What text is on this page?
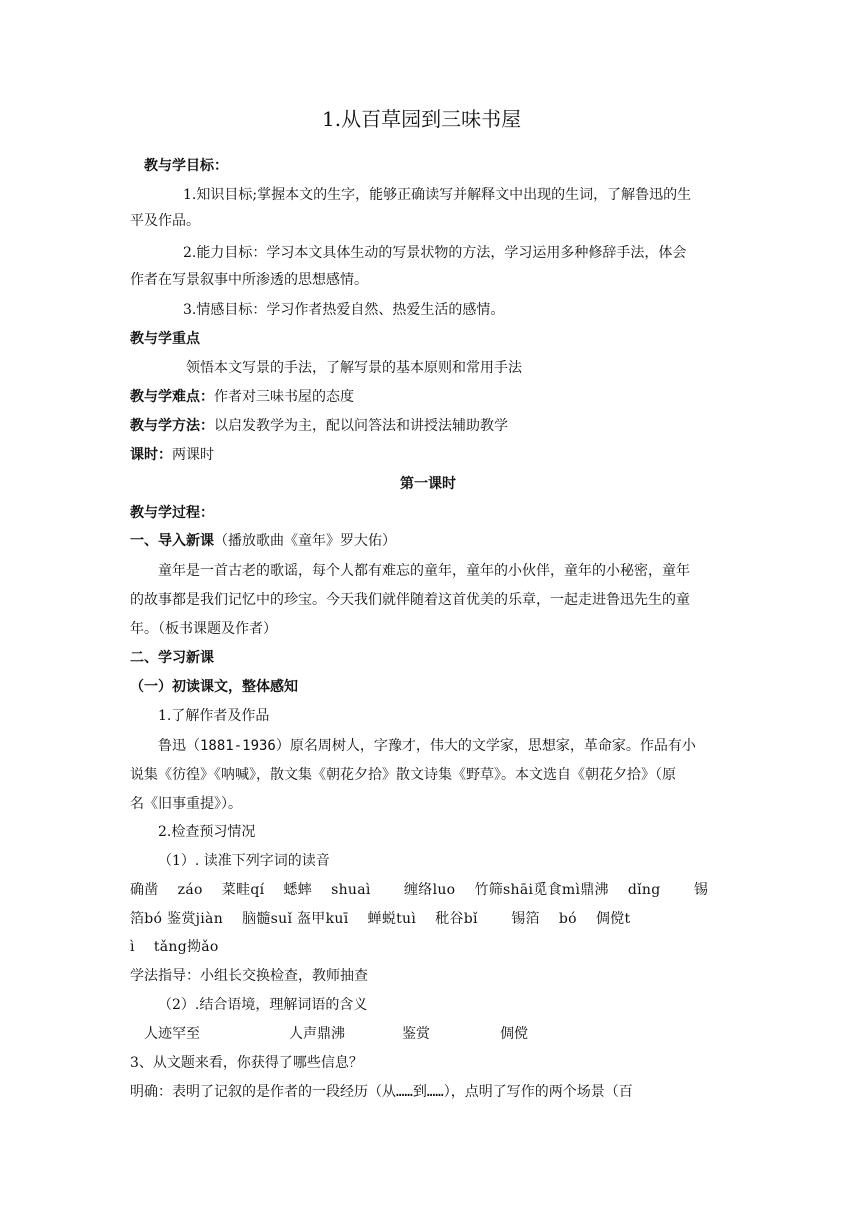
1.从百草园到三味书屋
教与学目标：
1.知识目标;掌握本文的生字，能够正确读写并解释文中出现的生词，了解鲁迅的生
平及作品。
2.能力目标：学习本文具体生动的写景状物的方法，学习运用多种修辞手法，体会
作者在写景叙事中所渗透的思想感情。
3.情感目标：学习作者热爱自然、热爱生活的感情。
教与学重点
领悟本文写景的手法，了解写景的基本原则和常用手法
教与学难点：作者对三味书屋的态度
教与学方法：以启发教学为主，配以问答法和讲授法辅助教学
课时：两课时
第一课时
教与学过程：
一、导入新课（播放歌曲《童年》罗大佑）
童年是一首古老的歌谣，每个人都有难忘的童年，童年的小伙伴，童年的小秘密，童年
的故事都是我们记忆中的珍宝。今天我们就伴随着这首优美的乐章，一起走进鲁迅先生的童
年。（板书课题及作者）
二、学习新课
（一）初读课文，整体感知
1.了解作者及作品
鲁迅（1881-1936）原名周树人，字豫才，伟大的文学家，思想家，革命家。作品有小
说集《彷徨》《呐喊》，散文集《朝花夕拾》散文诗集《野草》。本文选自《朝花夕拾》（原
名《旧事重提》）。
2.检查预习情况
（1）. 读准下列字词的读音
确凿　 záo　 菜畦qí　 蟋蟀　 shuaì　　 缠络luo　 竹筛shāi觅食mì鼎沸　 dǐng　　 锡
箔bó 鉴赏jiàn　 脑髓suǐ 盔甲kuī　 蝉蜕tuì　 秕谷bǐ　　 锡箔　 bó　 倜傥t
ì　 tǎng拗ǎo
学法指导：小组长交换检查，教师抽查
（2）.结合语境，理解词语的含义
人迹罕至	人声鼎沸	鉴赏	倜傥
3、从文题来看，你获得了哪些信息？
明确：表明了记叙的是作者的一段经历（从……到……），点明了写作的两个场景（百
